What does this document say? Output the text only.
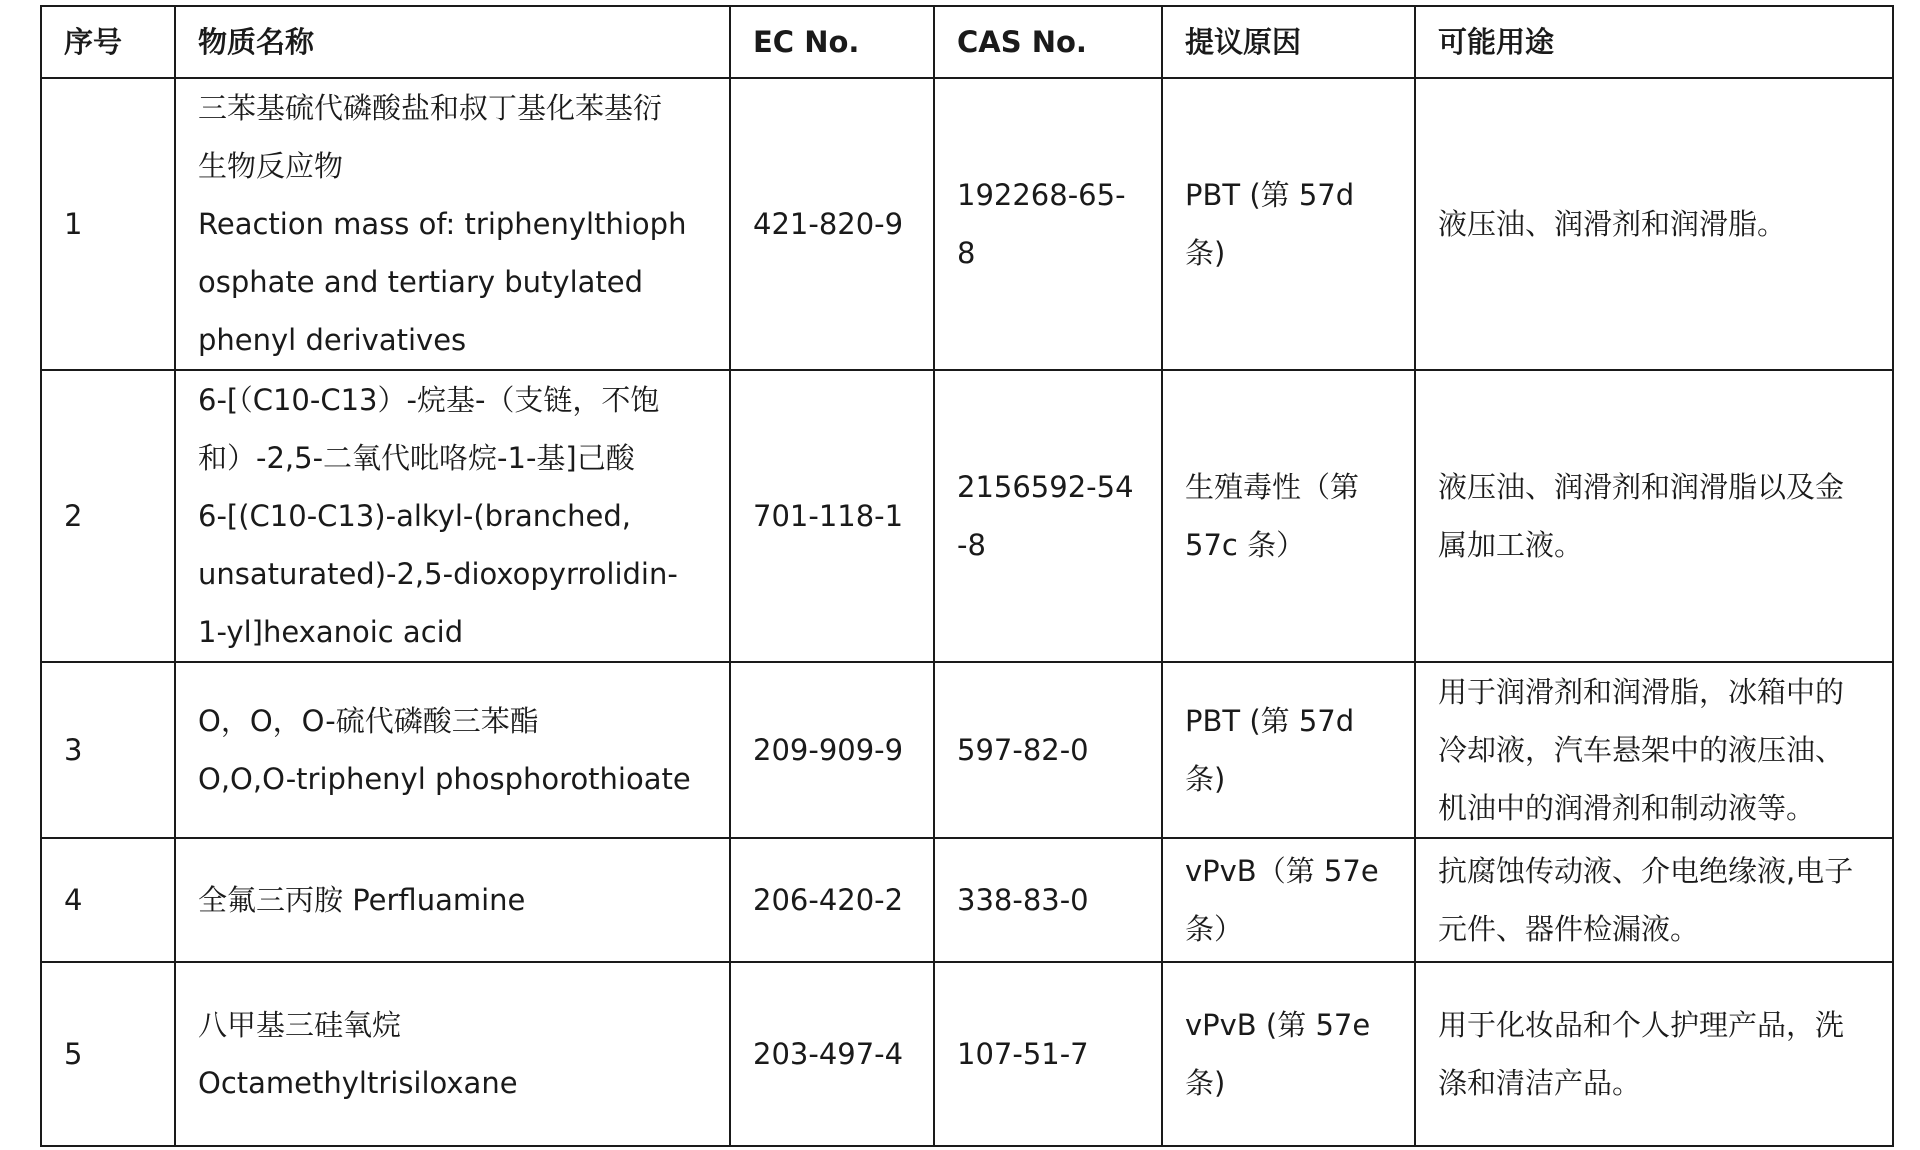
序号	物质名称	EC No.	CAS No.	提议原因	可能用途
1	三苯基硫代磷酸盐和叔丁基化苯基衍
生物反应物
Reaction mass of: triphenylthioph
osphate and tertiary butylated
phenyl derivatives	421-820-9	192268-65-
8	PBT (第 57d
条)	液压油、润滑剂和润滑脂。

2	6-[（C10-C13）-烷基-（支链，不饱
和）-2,5-二氧代吡咯烷-1-基]己酸
6-[(C10-C13)-alkyl-(branched,
unsaturated)-2,5-dioxopyrrolidin-
1-yl]hexanoic acid	701-118-1	2156592-54
-8	生殖毒性（第
57c 条）	液压油、润滑剂和润滑脂以及金
属加工液。

3	O，O，O-硫代磷酸三苯酯
O,O,O-triphenyl phosphorothioate	209-909-9	597-82-0	PBT (第 57d
条)	用于润滑剂和润滑脂，冰箱中的
冷却液，汽车悬架中的液压油、
机油中的润滑剂和制动液等。

4	全氟三丙胺 Perfluamine	206-420-2	338-83-0	vPvB（第 57e
条）	抗腐蚀传动液、介电绝缘液,电子
元件、器件检漏液。

5	八甲基三硅氧烷
Octamethyltrisiloxane	203-497-4	107-51-7	vPvB (第 57e
条)	用于化妆品和个人护理产品，洗
涤和清洁产品。
